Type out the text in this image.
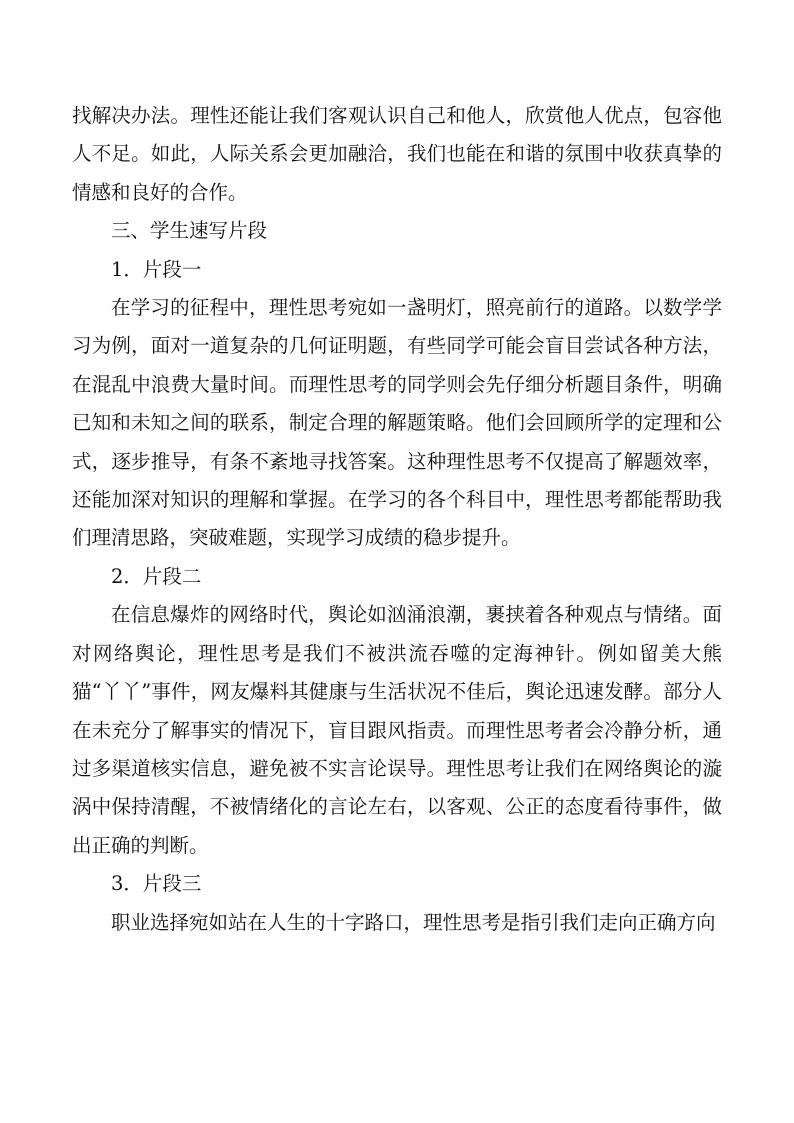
找解决办法。理性还能让我们客观认识自己和他人，欣赏他人优点，包容他人不足。如此，人际关系会更加融洽，我们也能在和谐的氛围中收获真挚的情感和良好的合作。

三、学生速写片段

1．片段一

在学习的征程中，理性思考宛如一盏明灯，照亮前行的道路。以数学学习为例，面对一道复杂的几何证明题，有些同学可能会盲目尝试各种方法，在混乱中浪费大量时间。而理性思考的同学则会先仔细分析题目条件，明确已知和未知之间的联系，制定合理的解题策略。他们会回顾所学的定理和公式，逐步推导，有条不紊地寻找答案。这种理性思考不仅提高了解题效率，还能加深对知识的理解和掌握。在学习的各个科目中，理性思考都能帮助我们理清思路，突破难题，实现学习成绩的稳步提升。

2．片段二

在信息爆炸的网络时代，舆论如汹涌浪潮，裹挟着各种观点与情绪。面对网络舆论，理性思考是我们不被洪流吞噬的定海神针。例如留美大熊猫“丫丫”事件，网友爆料其健康与生活状况不佳后，舆论迅速发酵。部分人在未充分了解事实的情况下，盲目跟风指责。而理性思考者会冷静分析，通过多渠道核实信息，避免被不实言论误导。理性思考让我们在网络舆论的漩涡中保持清醒，不被情绪化的言论左右，以客观、公正的态度看待事件，做出正确的判断。

3．片段三

职业选择宛如站在人生的十字路口，理性思考是指引我们走向正确方向
